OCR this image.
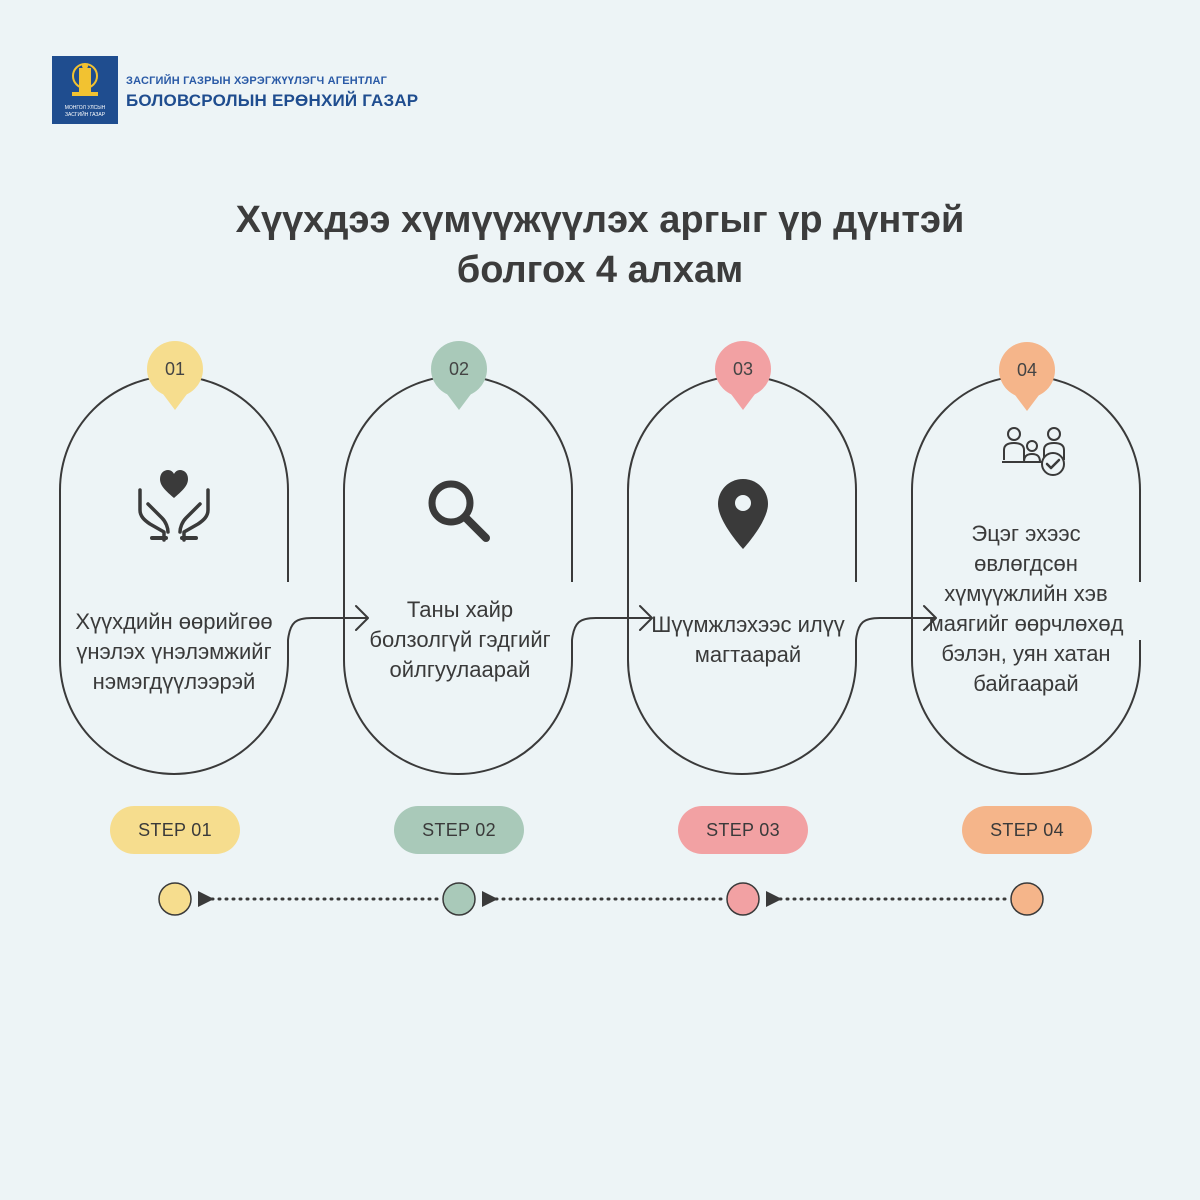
МОНГОЛ УЛСЫН
ЗАСГИЙН ГАЗАР
ЗАСГИЙН ГАЗРЫН ХЭРЭГЖҮҮЛЭГЧ АГЕНТЛАГ
БОЛОВСРОЛЫН ЕРӨНХИЙ ГАЗАР
Хүүхдээ хүмүүжүүлэх аргыг үр дүнтэй болгох 4 алхам
01	02	03	04
Хүүхдийн өөрийгөө үнэлэх үнэлэмжийг нэмэгдүүлээрэй
Таны хайр болзолгүй гэдгийг ойлгуулаарай
Шүүмжлэхээс илүү магтаарай
Эцэг эхээс өвлөгдсөн хүмүүжлийн хэв маягийг өөрчлөхөд бэлэн, уян хатан байгаарай
STEP 01	STEP 02	STEP 03	STEP 04
